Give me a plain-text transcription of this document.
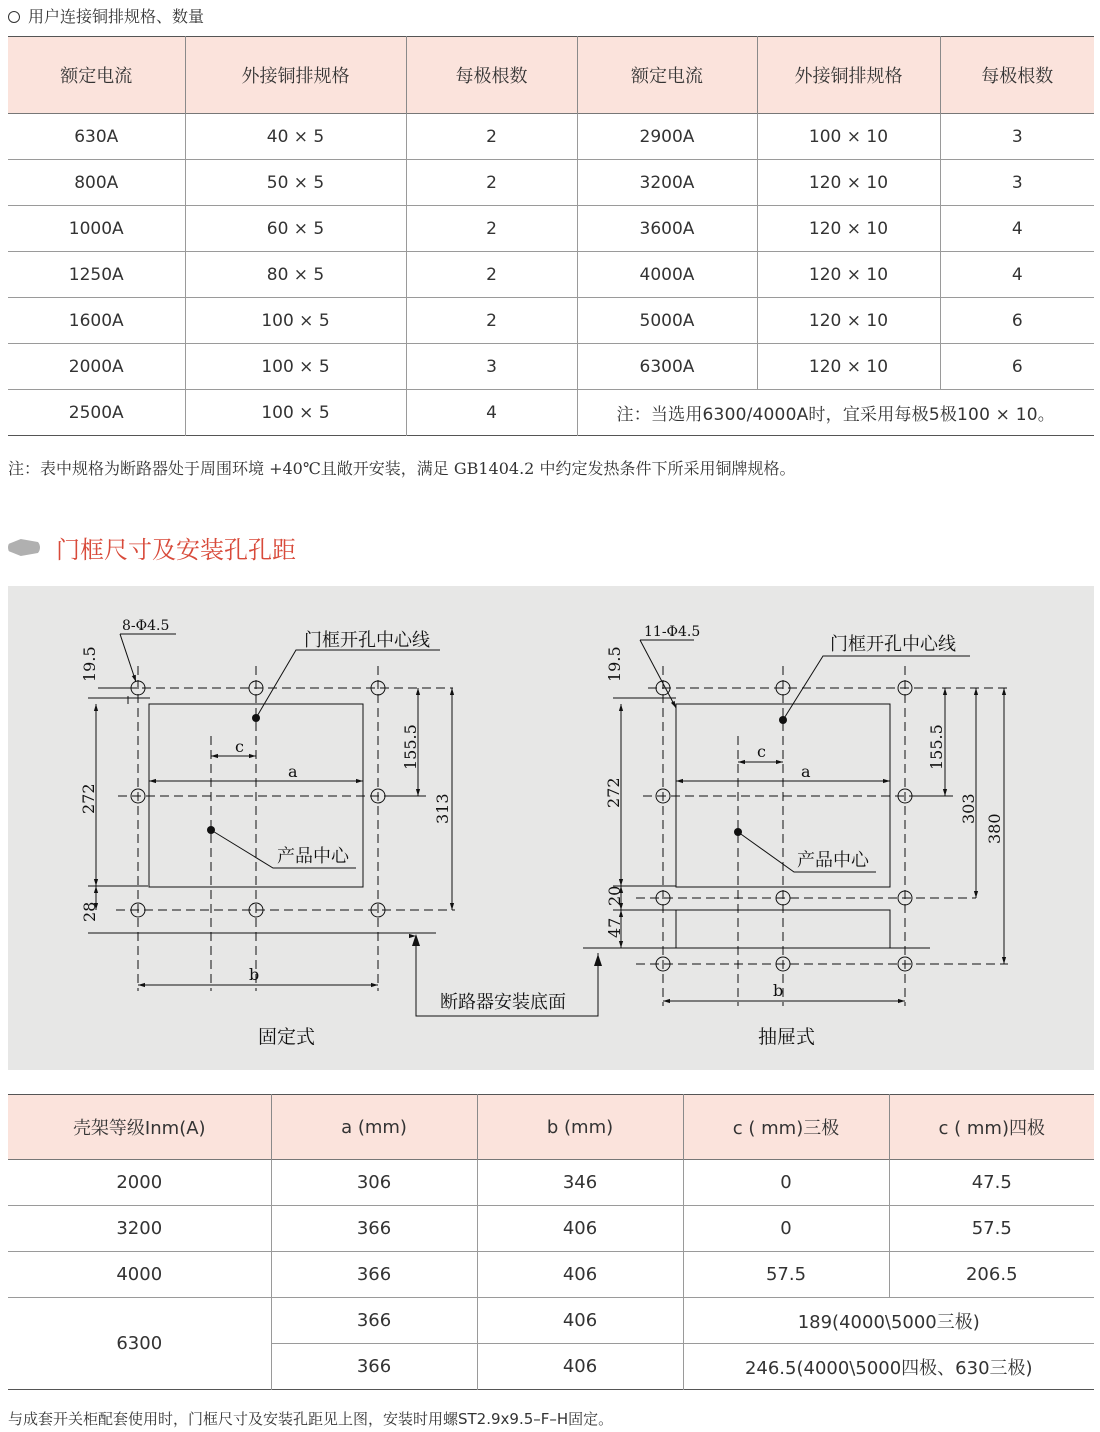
用户连接铜排规格、数量
额定电流	外接铜排规格	每极根数	额定电流	外接铜排规格	每极根数
630A	40 × 5	2	2900A	100 × 10	3
800A	50 × 5	2	3200A	120 × 10	3
1000A	60 × 5	2	3600A	120 × 10	4
1250A	80 × 5	2	4000A	120 × 10	4
1600A	100 × 5	2	5000A	120 × 10	6
2000A	100 × 5	3	6300A	120 × 10	6
2500A	100 × 5	4	注：当选用6300/4000A时，宜采用每极5极100 × 10。		
注：表中规格为断路器处于周围环境 +40℃且敞开安装，满足 GB1404.2 中约定发热条件下所采用铜牌规格。
门框尺寸及安装孔孔距
8-Φ4.5
门框开孔中心线
产品中心
c
a
b
19.5
272
28
155.5
313
固定式
断路器安装底面
11-Φ4.5
门框开孔中心线
产品中心
c
a
b
19.5
272
20
47
155.5
303
380
抽屉式
壳架等级Inm(A)	a (mm)	b (mm)	c ( mm)三极	c ( mm)四极
2000	306	346	0	47.5
3200	366	406	0	57.5
4000	366	406	57.5	206.5
6300	366	406	189(4000\5000三极)	
	366	406	246.5(4000\5000四极、630三极)	
与成套开关柜配套使用时，门框尺寸及安装孔距见上图，安装时用螺ST2.9x9.5–F–H固定。
